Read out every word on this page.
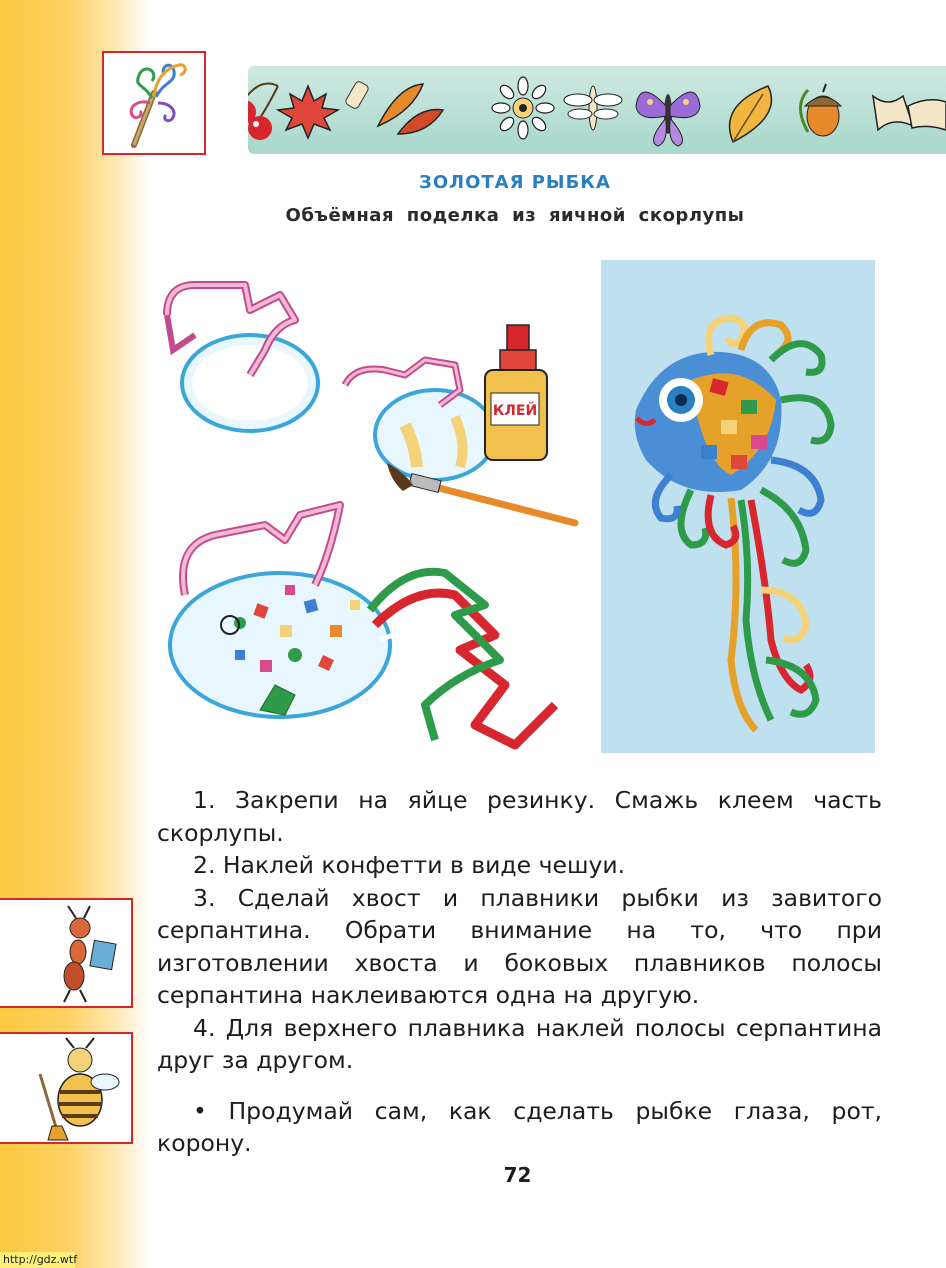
ЗОЛОТАЯ РЫБКА
Объёмная поделка из яичной скорлупы
КЛЕЙ

1. Закрепи на яйце резинку. Смажь клеем часть скорлупы.

2. Наклей конфетти в виде чешуи.

3. Сделай хвост и плавники рыбки из завитого серпантина. Обрати внимание на то, что при изготовлении хвоста и боковых плавников полосы серпантина наклеиваются одна на другую.

4. Для верхнего плавника наклей полосы серпантина друг за другом.

• Продумай сам, как сделать рыбке глаза, рот, корону.

72
http://gdz.wtf
